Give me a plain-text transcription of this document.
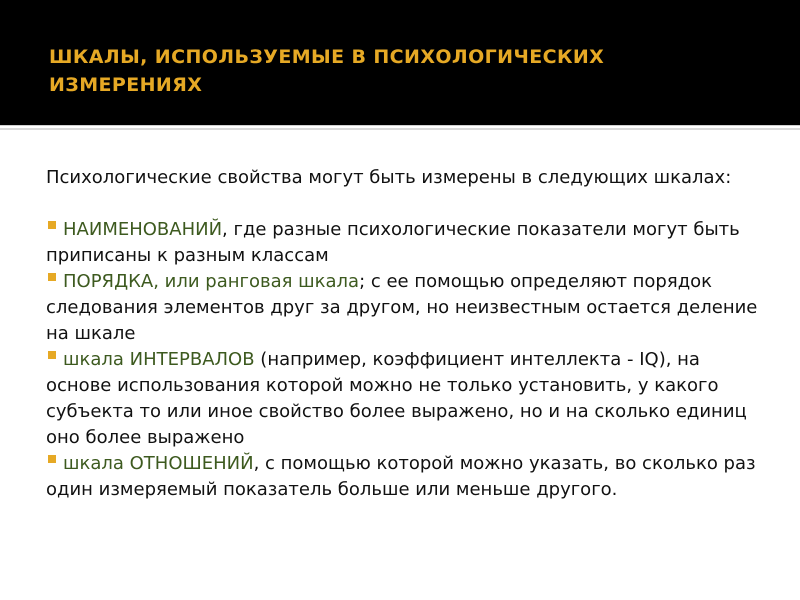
ШКАЛЫ, ИСПОЛЬЗУЕМЫЕ В ПСИХОЛОГИЧЕСКИХ ИЗМЕРЕНИЯХ

Психологические свойства могут быть измерены в следующих шкалах:

НАИМЕНОВАНИЙ, где разные психологические показатели могут быть приписаны к разным классам
ПОРЯДКА, или ранговая шкала; с ее помощью определяют порядок следования элементов друг за другом, но неизвестным остается деление на шкале
шкала ИНТЕРВАЛОВ (например, коэффициент интеллекта - IQ), на основе использования которой можно не только установить, у какого субъекта то или иное свойство более выражено, но и на сколько единиц оно более выражено
шкала ОТНОШЕНИЙ, с помощью которой можно указать, во сколько раз один измеряемый показатель больше или меньше другого.
